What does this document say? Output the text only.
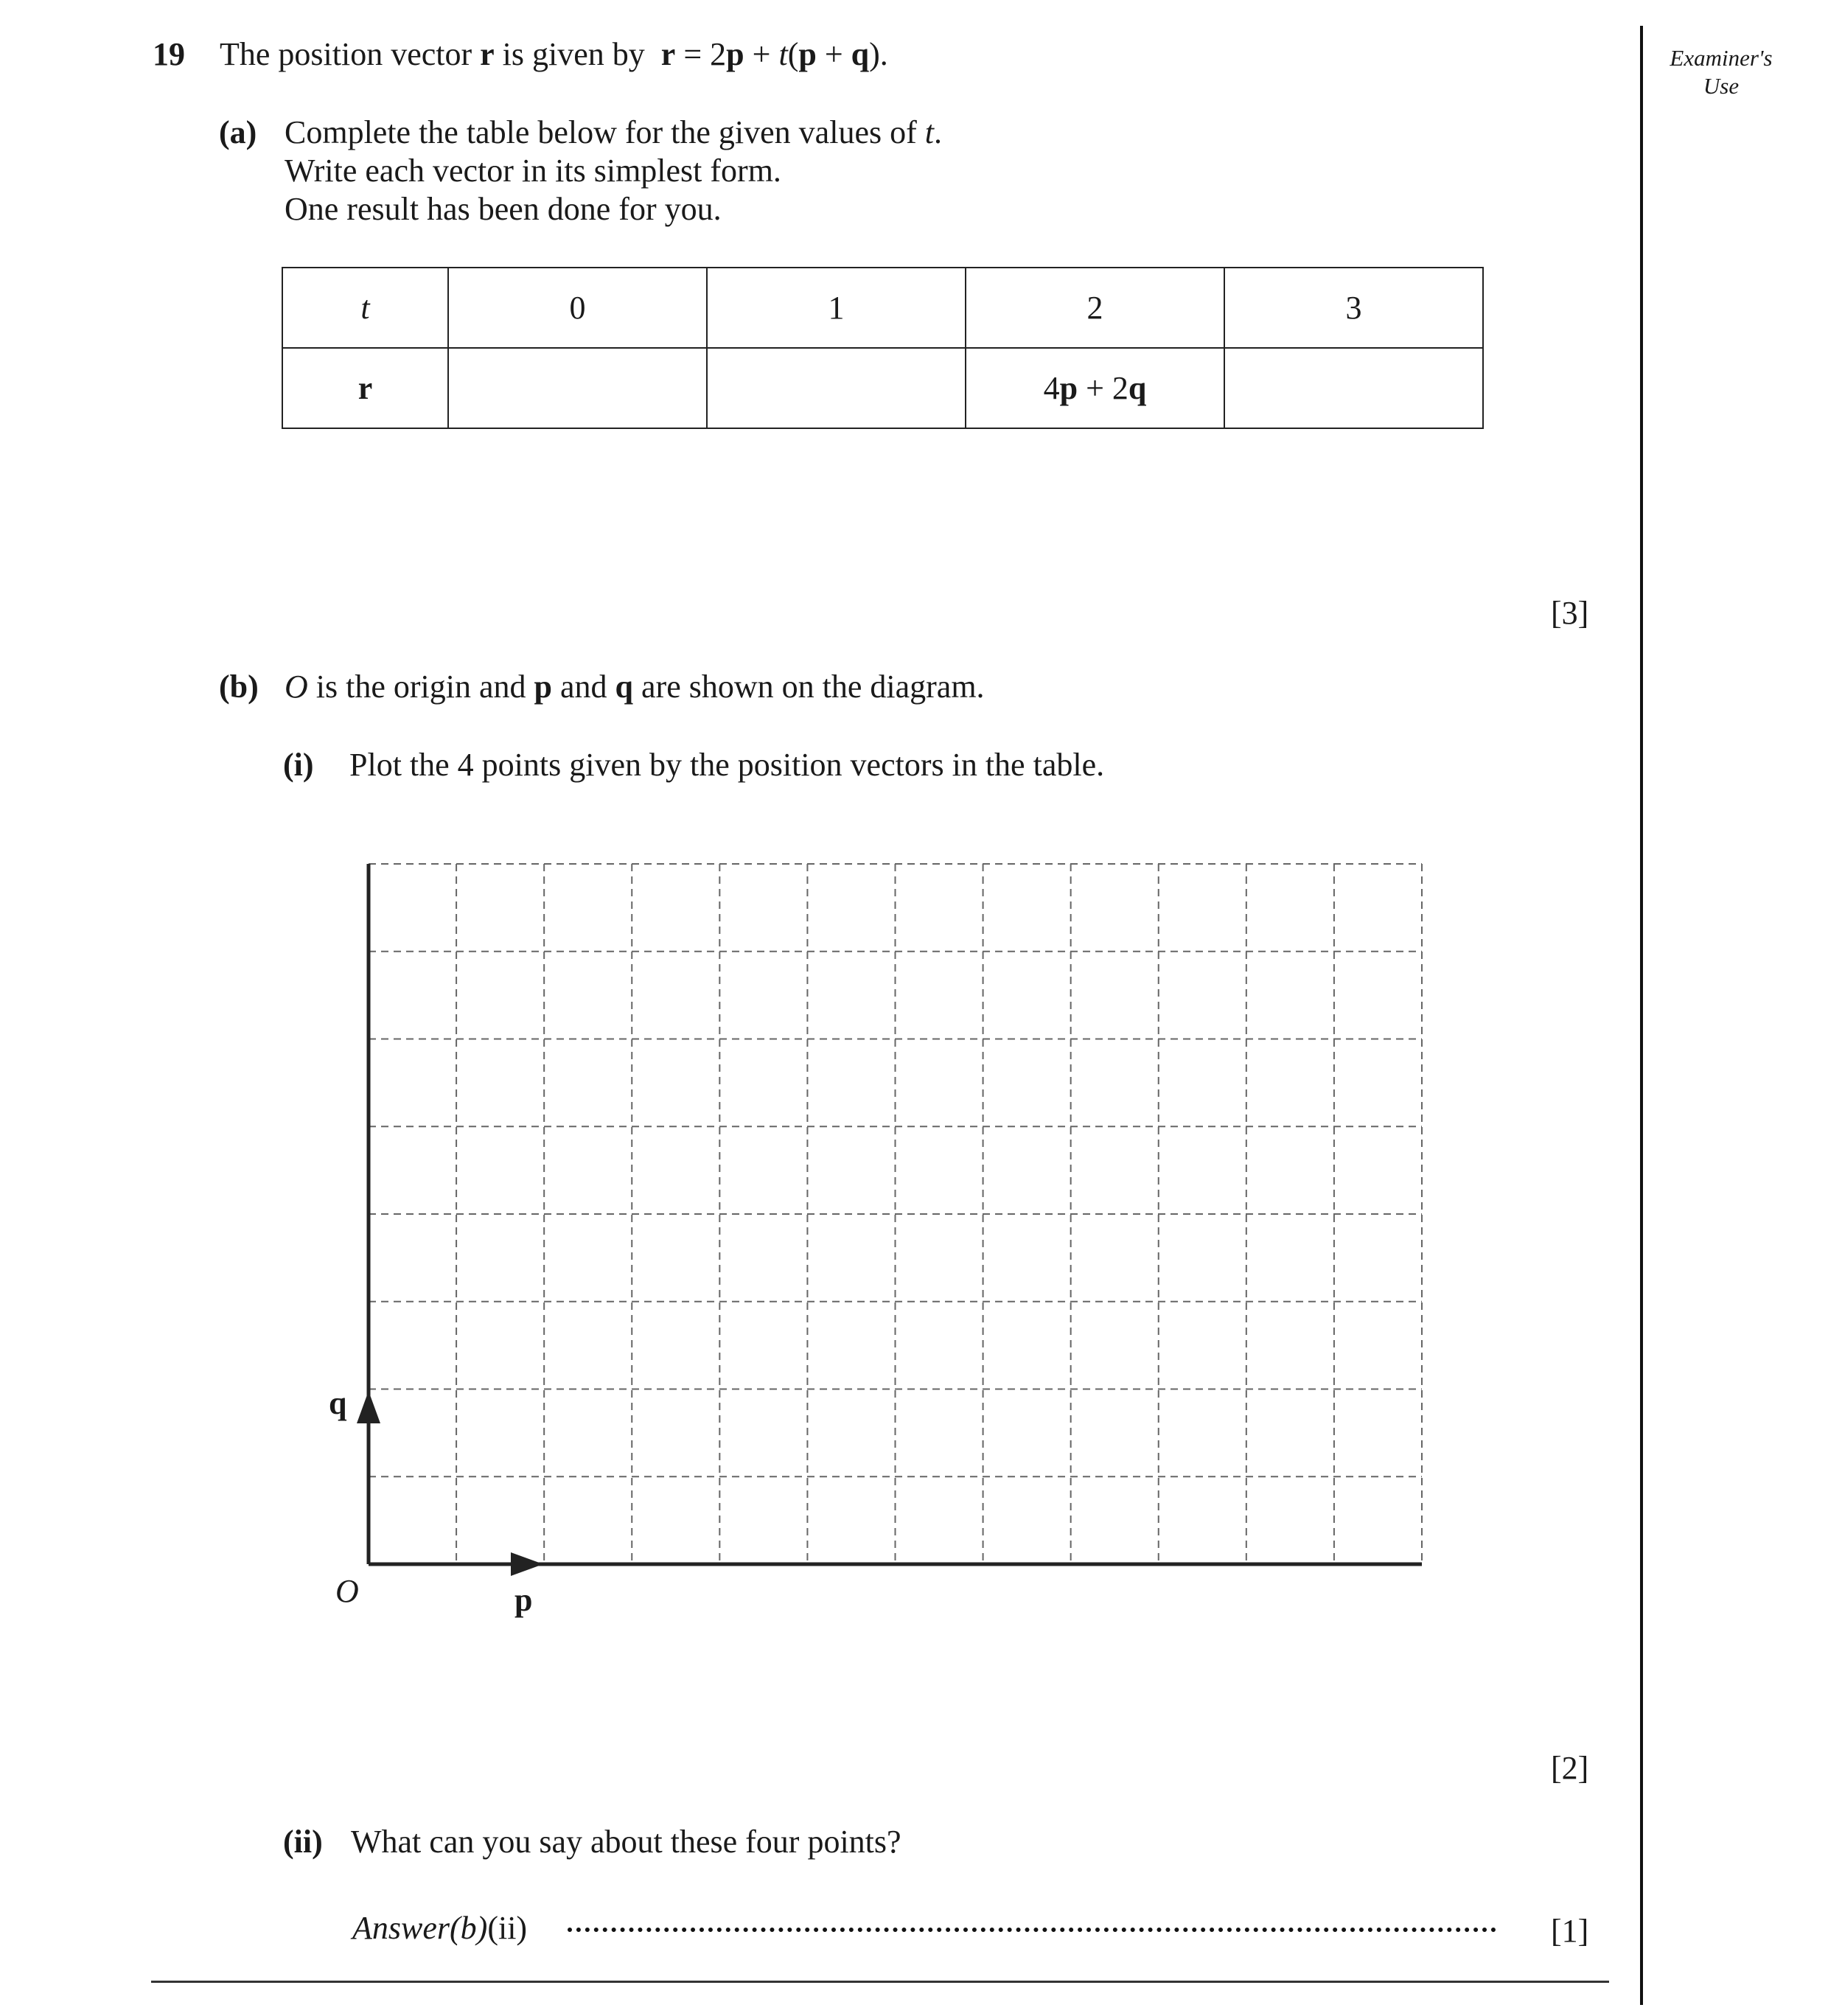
Examiner's
Use
19 The position vector r is given by  r = 2p + t(p + q).
(a) Complete the table below for the given values of t.
Write each vector in its simplest form.
One result has been done for you.
t	0	1	2	3
r			4p + 2q	
[3]
(b) O is the origin and p and q are shown on the diagram.
(i) Plot the 4 points given by the position vectors in the table.
O	p
q
[2]
(ii) What can you say about these four points?
Answer(b)(ii)	[1]
